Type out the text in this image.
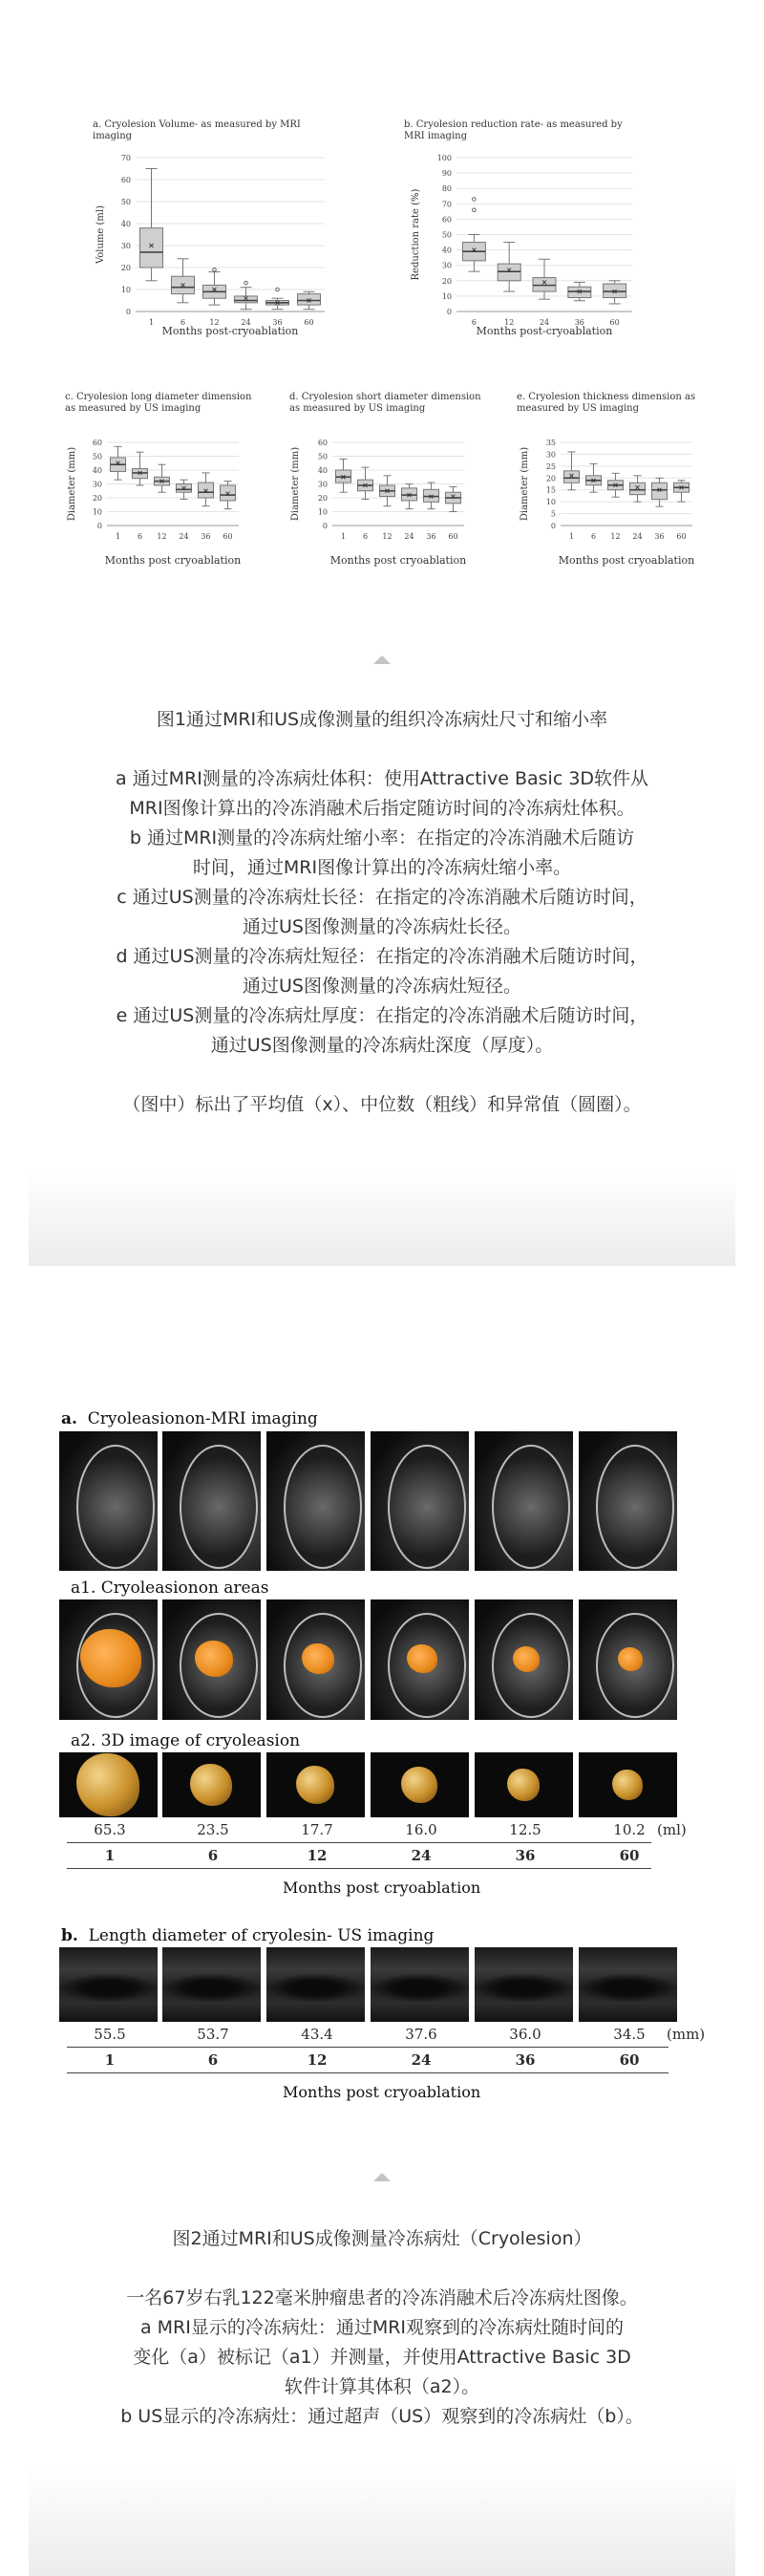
a. Cryolesion Volume- as measured by MRI
imaging
b. Cryolesion reduction rate- as measured by
MRI imaging
c. Cryolesion long diameter dimension
as measured by US imaging
d. Cryolesion short diameter dimension
as measured by US imaging
e. Cryolesion thickness dimension as
measured by US imaging
0
10
20
30
40
50
60
70
1	6	12	24	36	60
Months post-cryoablation
Volume (ml)
0
10
20
30
40
50
60
70
80
90
100
6	12	24	36	60
Months post-cryoablation
Reduction rate (%)
0
10
20
30
40
50
60
1 6 12 24 36 60
Months post cryoablation
Diameter (mm)
0
10
20
30
40
50
60
1 6 12 24 36 60
Months post cryoablation
Diameter (mm)
0
5
10
15
20
25
30
35
1 6 12 24 36 60
Months post cryoablation
Diameter (mm)

图1通过MRI和US成像测量的组织冷冻病灶尺寸和缩小率

a 通过MRI测量的冷冻病灶体积：使用Attractive Basic 3D软件从

MRI图像计算出的冷冻消融术后指定随访时间的冷冻病灶体积。

b 通过MRI测量的冷冻病灶缩小率：在指定的冷冻消融术后随访

时间，通过MRI图像计算出的冷冻病灶缩小率。

c 通过US测量的冷冻病灶长径：在指定的冷冻消融术后随访时间，

通过US图像测量的冷冻病灶长径。

d 通过US测量的冷冻病灶短径：在指定的冷冻消融术后随访时间，

通过US图像测量的冷冻病灶短径。

e 通过US测量的冷冻病灶厚度：在指定的冷冻消融术后随访时间，

通过US图像测量的冷冻病灶深度（厚度）。

（图中）标出了平均值（x）、中位数（粗线）和异常值（圆圈）。

a. Cryoleasionon-MRI imaging
a1. Cryoleasionon areas
a2. 3D image of cryoleasion
65.3	23.5	17.7	16.0	12.5	10.2 (ml)
1	6	12	24	36	60
Months post cryoablation
b. Length diameter of cryolesin- US imaging
55.5	53.7	43.4	37.6	36.0	34.5	(mm)
1	6	12	24	36	60
Months post cryoablation

图2通过MRI和US成像测量冷冻病灶（Cryolesion）

一名67岁右乳122毫米肿瘤患者的冷冻消融术后冷冻病灶图像。

a MRI显示的冷冻病灶：通过MRI观察到的冷冻病灶随时间的

变化（a）被标记（a1）并测量，并使用Attractive Basic 3D

软件计算其体积（a2）。

b US显示的冷冻病灶：通过超声（US）观察到的冷冻病灶（b）。
